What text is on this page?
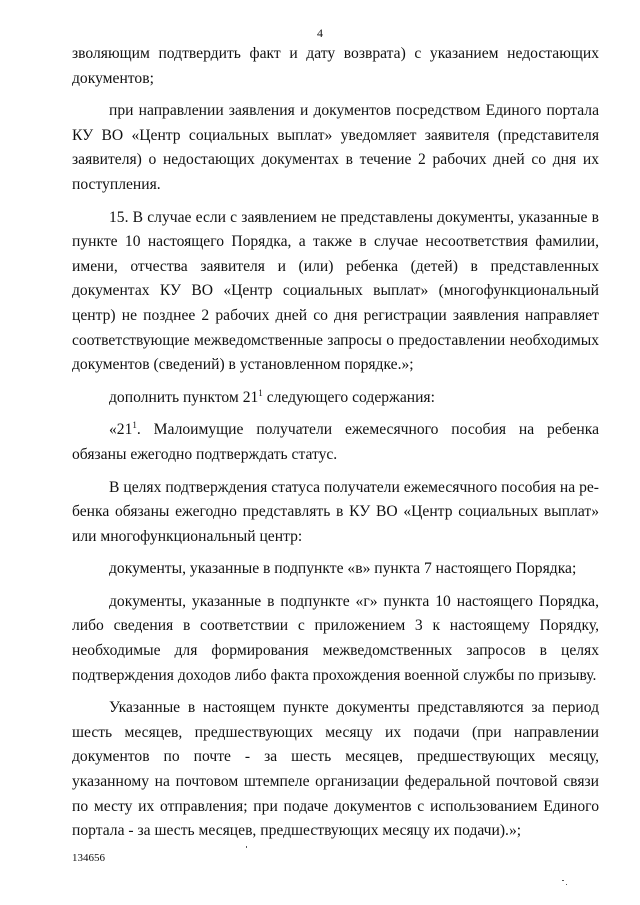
4

зволяющим подтвердить факт и дату возврата) с указанием недостающих документов;

при направлении заявления и документов посредством Единого портала КУ ВО «Центр социальных выплат» уведомляет заявителя (представителя заявителя) о недостающих документах в течение 2 рабочих дней со дня их поступления.

15. В случае если с заявлением не представлены документы, указанные в пункте 10 настоящего Порядка, а также в случае несоответствия фамилии, имени, отчества заявителя и (или) ребенка (детей) в представленных документах КУ ВО «Центр социальных выплат» (многофункциональный центр) не позднее 2 рабочих дней со дня регистрации заявления направляет соответствующие межведомственные запросы о предоставлении необходимых документов (сведений) в установленном порядке.»;

дополнить пунктом $21^1$ следующего содержания:

«$21^1$. Малоимущие получатели ежемесячного пособия на ребенка обязаны ежегодно подтверждать статус.

В целях подтверждения статуса получатели ежемесячного пособия на ребенка обязаны ежегодно представлять в КУ ВО «Центр социальных выплат» или многофункциональный центр:

документы, указанные в подпункте «в» пункта 7 настоящего Порядка;

документы, указанные в подпункте «г» пункта 10 настоящего Порядка, либо сведения в соответствии с приложением 3 к настоящему Порядку, необходимые для формирования межведомственных запросов в целях подтверждения доходов либо факта прохождения военной службы по призыву.

Указанные в настоящем пункте документы представляются за период шесть месяцев, предшествующих месяцу их подачи (при направлении документов по почте - за шесть месяцев, предшествующих месяцу, указанному на почтовом штемпеле организации федеральной почтовой связи по месту их отправления; при подаче документов с использованием Единого портала - за шесть месяцев, предшествующих месяцу их подачи).»;

134656
